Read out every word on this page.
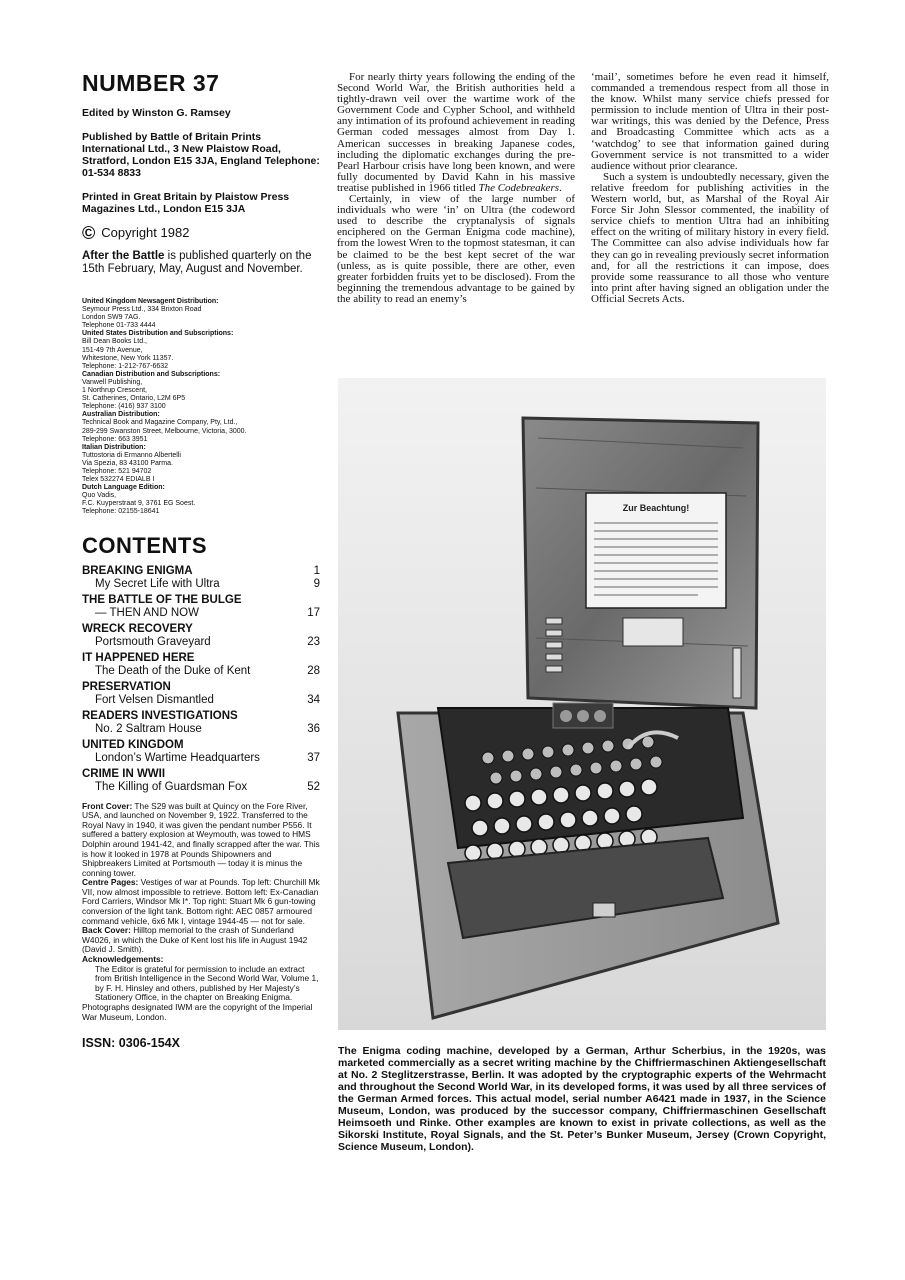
NUMBER 37
Edited by Winston G. Ramsey
Published by Battle of Britain Prints International Ltd., 3 New Plaistow Road, Stratford, London E15 3JA, England Telephone: 01-534 8833
Printed in Great Britain by Plaistow Press Magazines Ltd., London E15 3JA
© Copyright 1982
After the Battle is published quarterly on the 15th February, May, August and November.
United Kingdom Newsagent Distribution:
Seymour Press Ltd., 334 Brixton Road
London SW9 7AG.
Telephone 01-733 4444
United States Distribution and Subscriptions:
Bill Dean Books Ltd.,
151-49 7th Avenue,
Whitestone, New York 11357.
Telephone: 1-212-767-6632
Canadian Distribution and Subscriptions:
Vanwell Publishing,
1 Northrup Crescent,
St. Catherines, Ontario, L2M 6P5
Telephone: (416) 937 3100
Australian Distribution:
Technical Book and Magazine Company, Pty, Ltd.,
289-299 Swanston Street, Melbourne, Victoria, 3000.
Telephone: 663 3951
Italian Distribution:
Tuttostoria di Ermanno Albertelli
Via Spezia, 83 43100 Parma.
Telephone: 521 94702
Telex 532274 EDIALB I
Dutch Language Edition:
Quo Vadis,
F.C. Kuyperstraat 9, 3761 EG Soest.
Telephone: 02155-18641
CONTENTS
BREAKING ENIGMA	1
My Secret Life with Ultra	9
THE BATTLE OF THE BULGE
— THEN AND NOW	17
WRECK RECOVERY
Portsmouth Graveyard	23
IT HAPPENED HERE
The Death of the Duke of Kent	28
PRESERVATION
Fort Velsen Dismantled	34
READERS INVESTIGATIONS
No. 2 Saltram House	36
UNITED KINGDOM
London’s Wartime Headquarters	37
CRIME IN WWII
The Killing of Guardsman Fox	52

Front Cover: The S29 was built at Quincy on the Fore River, USA, and launched on November 9, 1922. Transferred to the Royal Navy in 1940, it was given the pendant number P556. It suffered a battery explosion at Weymouth, was towed to HMS Dolphin around 1941-42, and finally scrapped after the war. This is how it looked in 1978 at Pounds Shipowners and Shipbreakers Limited at Portsmouth — today it is minus the conning tower.

Centre Pages: Vestiges of war at Pounds. Top left: Churchill Mk VII, now almost impossible to retrieve. Bottom left: Ex-Canadian Ford Carriers, Windsor Mk I*. Top right: Stuart Mk 6 gun-towing conversion of the light tank. Bottom right: AEC 0857 armoured command vehicle, 6x6 Mk I, vintage 1944-45 — not for sale.

Back Cover: Hilltop memorial to the crash of Sunderland W4026, in which the Duke of Kent lost his life in August 1942 (David J. Smith).

Acknowledgements:

The Editor is grateful for permission to include an extract from British Intelligence in the Second World War, Volume 1, by F. H. Hinsley and others, published by Her Majesty’s Stationery Office, in the chapter on Breaking Enigma.

Photographs designated IWM are the copyright of the Imperial War Museum, London.

ISSN: 0306-154X

For nearly thirty years following the ending of the Second World War, the British authorities held a tightly-drawn veil over the wartime work of the Government Code and Cypher School, and withheld any intimation of its profound achievement in reading German coded messages almost from Day 1. American successes in breaking Japanese codes, including the diplomatic exchanges during the pre-Pearl Harbour crisis have long been known, and were fully documented by David Kahn in his massive treatise published in 1966 titled The Codebreakers.

Certainly, in view of the large number of individuals who were ‘in’ on Ultra (the codeword used to describe the cryptanalysis of signals enciphered on the German Enigma code machine), from the lowest Wren to the topmost statesman, it can be claimed to be the best kept secret of the war (unless, as is quite possible, there are other, even greater forbidden fruits yet to be disclosed). From the beginning the tremendous advantage to be gained by the ability to read an enemy’s

‘mail’, sometimes before he even read it himself, commanded a tremendous respect from all those in the know. Whilst many service chiefs pressed for permission to include mention of Ultra in their post-war writings, this was denied by the Defence, Press and Broadcasting Committee which acts as a ‘watchdog’ to see that information gained during Government service is not transmitted to a wider audience without prior clearance.

Such a system is undoubtedly necessary, given the relative freedom for publishing activities in the Western world, but, as Marshal of the Royal Air Force Sir John Slessor commented, the inability of service chiefs to mention Ultra had an inhibiting effect on the writing of military history in every field. The Committee can also advise individuals how far they can go in revealing previously secret information and, for all the restrictions it can impose, does provide some reassurance to all those who venture into print after having signed an obligation under the Official Secrets Acts.

Zur Beachtung!
The Enigma coding machine, developed by a German, Arthur Scherbius, in the 1920s, was marketed commercially as a secret writing machine by the Chiffriermaschinen Aktiengesellschaft at No. 2 Steglitzerstrasse, Berlin. It was adopted by the cryptographic experts of the Wehrmacht and throughout the Second World War, in its developed forms, it was used by all three services of the German Armed forces. This actual model, serial number A6421 made in 1937, in the Science Museum, London, was produced by the successor company, Chiffriermaschinen Gesellschaft Heimsoeth und Rinke. Other examples are known to exist in private collections, as well as the Sikorski Institute, Royal Signals, and the St. Peter’s Bunker Museum, Jersey (Crown Copyright, Science Museum, London).
